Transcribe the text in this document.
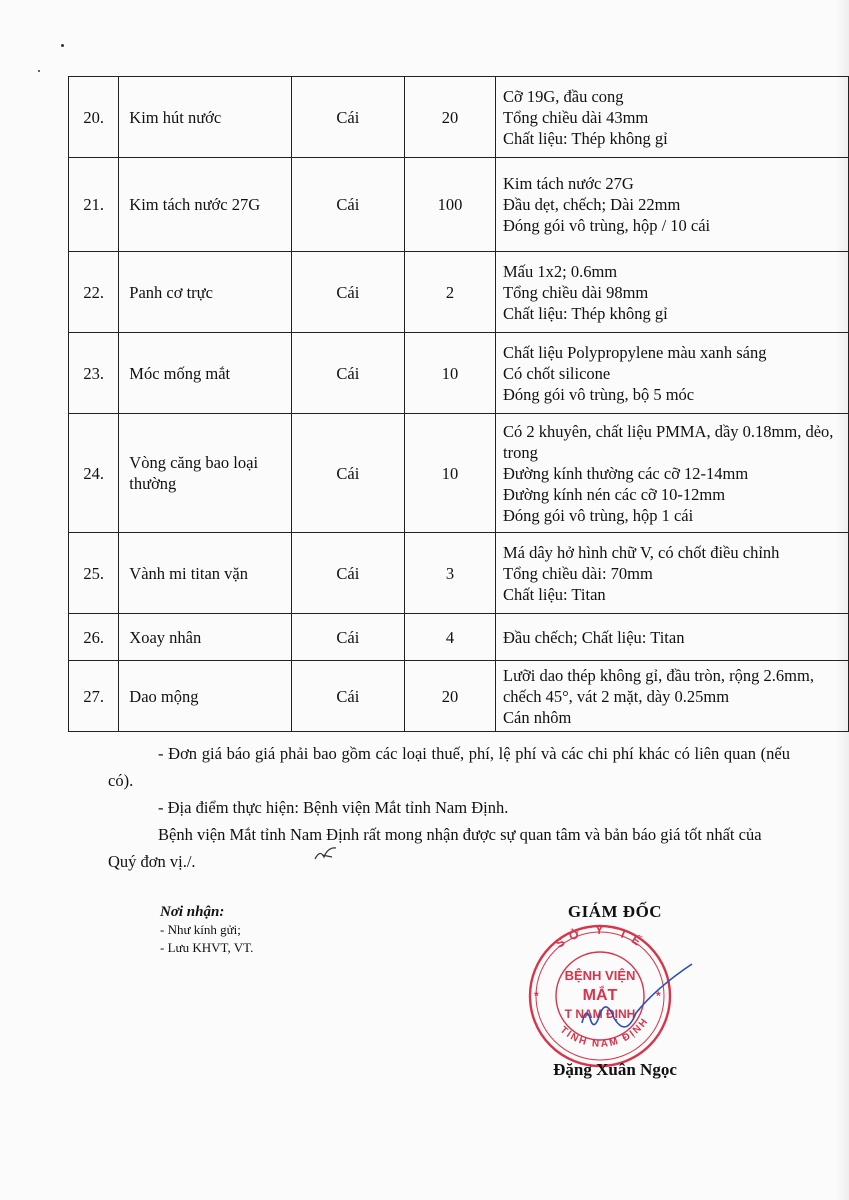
20.	Kim hút nước	Cái	20	Cỡ 19G, đầu cong
Tổng chiều dài 43mm
Chất liệu: Thép không gỉ

21.	Kim tách nước 27G	Cái	100	Kim tách nước 27G
Đầu dẹt, chếch; Dài 22mm
Đóng gói vô trùng, hộp / 10 cái

22.	Panh cơ trực	Cái	2	Mấu 1x2; 0.6mm
Tổng chiều dài 98mm
Chất liệu: Thép không gỉ

23.	Móc mống mắt	Cái	10	Chất liệu Polypropylene màu xanh sáng
Có chốt silicone
Đóng gói vô trùng, bộ 5 móc

24.	Vòng căng bao loại thường	Cái	10	Có 2 khuyên, chất liệu PMMA, dầy 0.18mm, dẻo, trong
Đường kính thường các cỡ 12-14mm
Đường kính nén các cỡ 10-12mm
Đóng gói vô trùng, hộp 1 cái

25.	Vành mi titan vặn	Cái	3	Má dây hở hình chữ V, có chốt điều chỉnh
Tổng chiều dài: 70mm
Chất liệu: Titan

26.	Xoay nhân	Cái	4	Đầu chếch; Chất liệu: Titan

27.	Dao mộng	Cái	20	Lưỡi dao thép không gỉ, đầu tròn, rộng 2.6mm, chếch 45°, vát 2 mặt, dày 0.25mm
Cán nhôm

- Đơn giá báo giá phải bao gồm các loại thuế, phí, lệ phí và các chi phí khác có liên quan (nếu có).

- Địa điểm thực hiện: Bệnh viện Mắt tỉnh Nam Định.

Bệnh viện Mắt tỉnh Nam Định rất mong nhận được sự quan tâm và bản báo giá tốt nhất của Quý đơn vị./.

Nơi nhận:
- Như kính gửi;
- Lưu KHVT, VT.
GIÁM ĐỐC
SỞ Y TẾ
TỈNH NAM ĐỊNH
BỆNH VIỆN
MẮT
T NAM ĐỊNH
*	*
Đặng Xuân Ngọc
